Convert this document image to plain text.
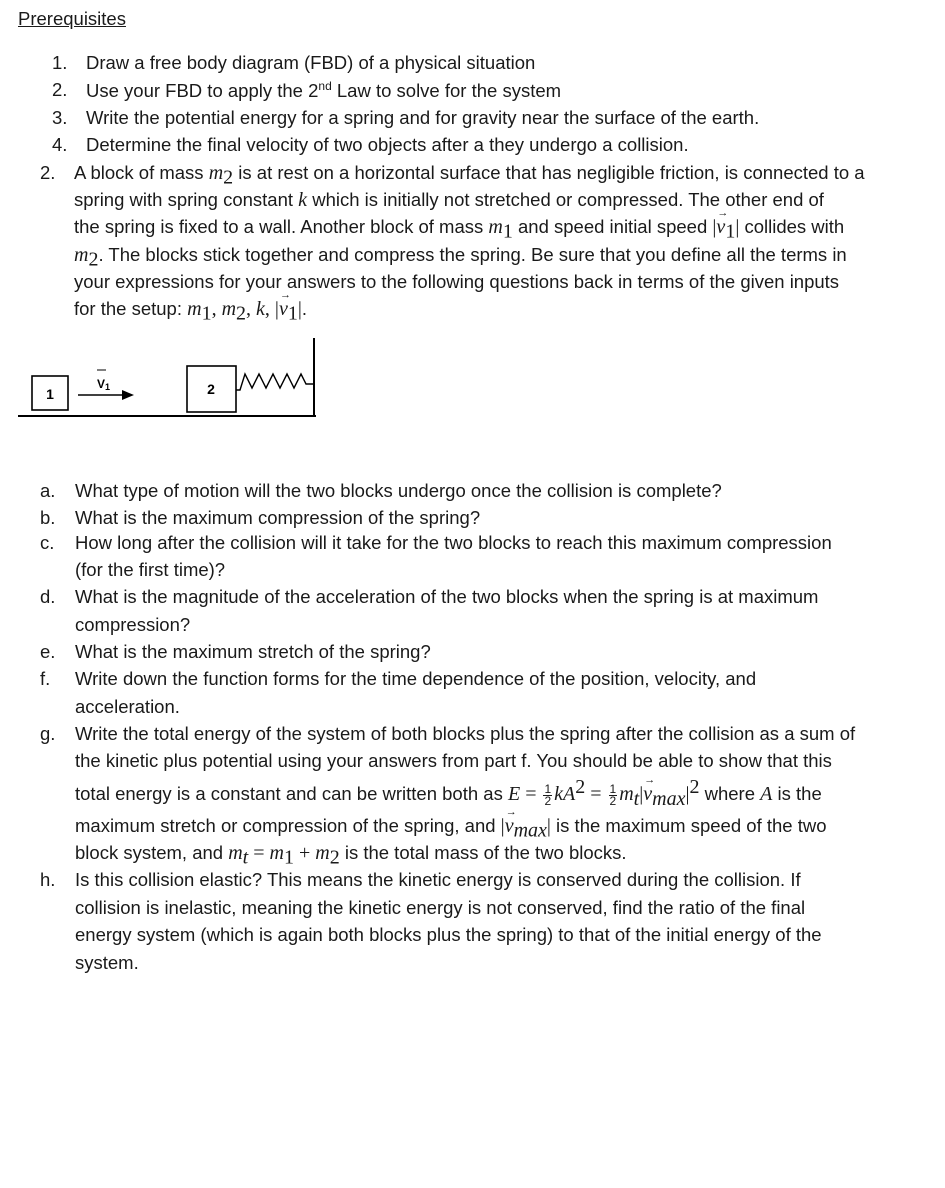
Prerequisites
1. Draw a free body diagram (FBD) of a physical situation
2. Use your FBD to apply the 2nd Law to solve for the system
3. Write the potential energy for a spring and for gravity near the surface of the earth.
4. Determine the final velocity of two objects after a they undergo a collision.
2. A block of mass $m_2$ is at rest on a horizontal surface that has negligible friction, is connected to a
spring with spring constant k which is initially not stretched or compressed. The other end of
the spring is fixed to a wall. Another block of mass $m_1$ and speed initial speed |→ $v_1|$ collides with
$m_2$. The blocks stick together and compress the spring. Be sure that you define all the terms in
your expressions for your answers to the following questions back in terms of the given inputs
for the setup: $m_1$, $m_2$, k, |→ $v_1|$.
1	2
V1
a. What type of motion will the two blocks undergo once the collision is complete?
b. What is the maximum compression of the spring?
c. How long after the collision will it take for the two blocks to reach this maximum compression
(for the first time)?
d. What is the magnitude of the acceleration of the two blocks when the spring is at maximum
compression?
e. What is the maximum stretch of the spring?
f. Write down the function forms for the time dependence of the position, velocity, and
acceleration.
g. Write the total energy of the system of both blocks plus the spring after the collision as a sum of
the kinetic plus potential using your answers from part f. You should be able to show that this
total energy is a constant and can be written both as $E = \frac{1}{2} kA^2 = \frac{1}{2} m_t|\to v_{max}|^2$ where A is the
maximum stretch or compression of the spring, and |→ $v_{max}|$ is the maximum speed of the two
block system, and $m_t = m_1 + m_2$ is the total mass of the two blocks.
h. Is this collision elastic? This means the kinetic energy is conserved during the collision. If
collision is inelastic, meaning the kinetic energy is not conserved, find the ratio of the final
energy system (which is again both blocks plus the spring) to that of the initial energy of the
system.
